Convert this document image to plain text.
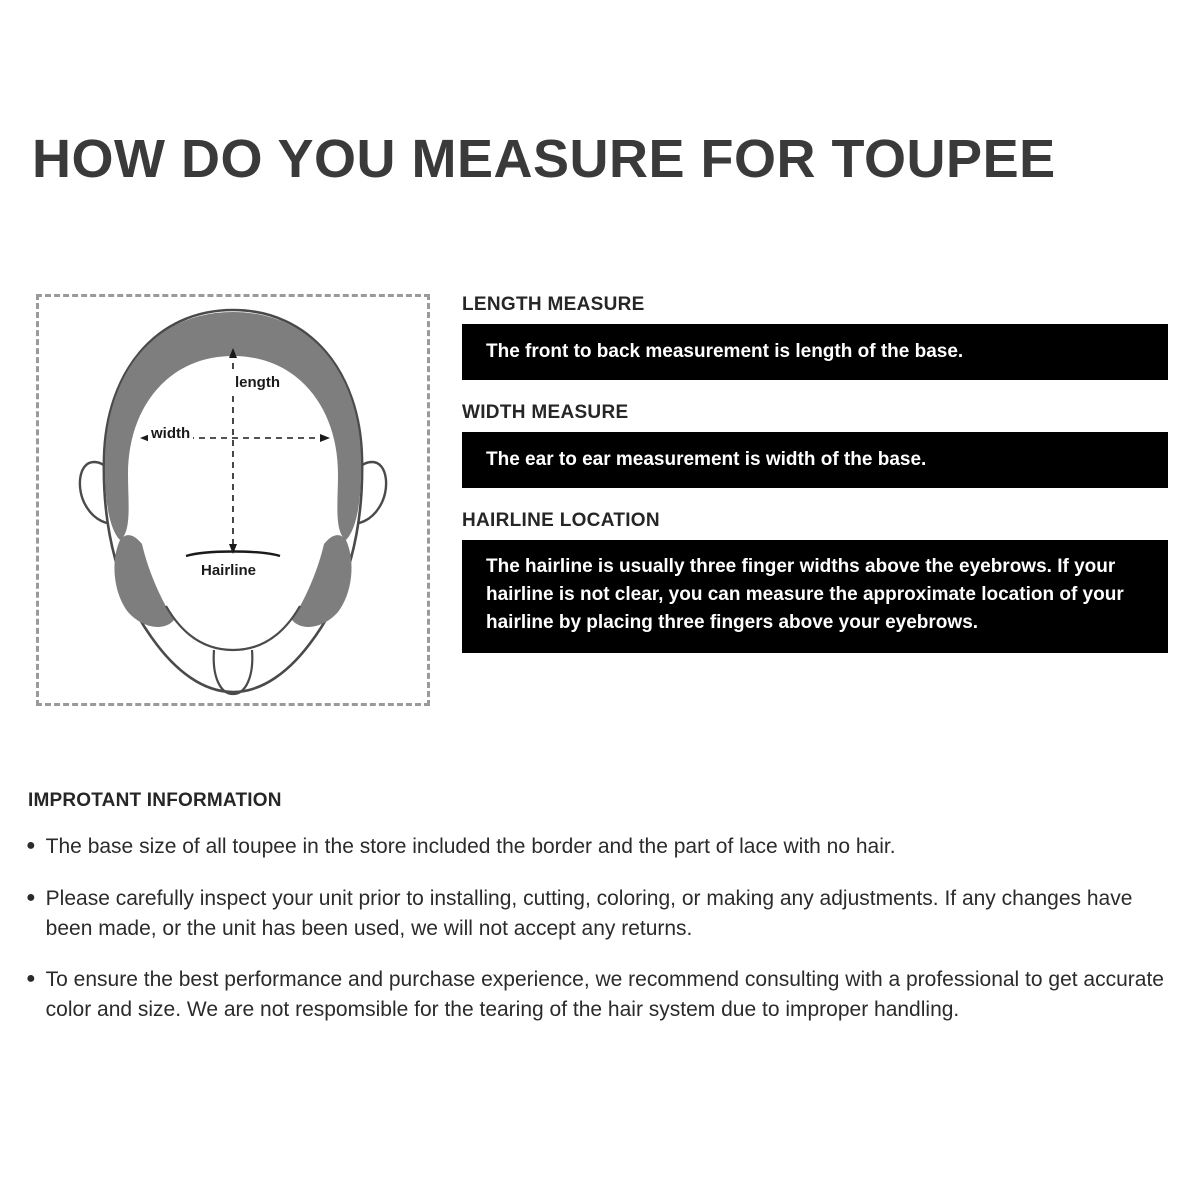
HOW DO YOU MEASURE FOR TOUPEE
length
width
Hairline
LENGTH MEASURE
The front to back measurement is length of the base.
WIDTH MEASURE
The ear to ear measurement is width of the base.
HAIRLINE LOCATION
The hairline is usually three finger widths above the eyebrows. If your hairline is not clear, you can measure the approximate location of your hairline by placing three fingers above your eyebrows.
IMPROTANT INFORMATION
● The base size of all toupee in the store included the border and the part of lace with no hair.
● Please carefully inspect your unit prior to installing, cutting, coloring, or making any adjustments. If any changes have been made, or the unit has been used, we will not accept any returns.
● To ensure the best performance and purchase experience, we recommend consulting with a professional to get accurate color and size. We are not respomsible for the tearing of the hair system due to improper handling.
